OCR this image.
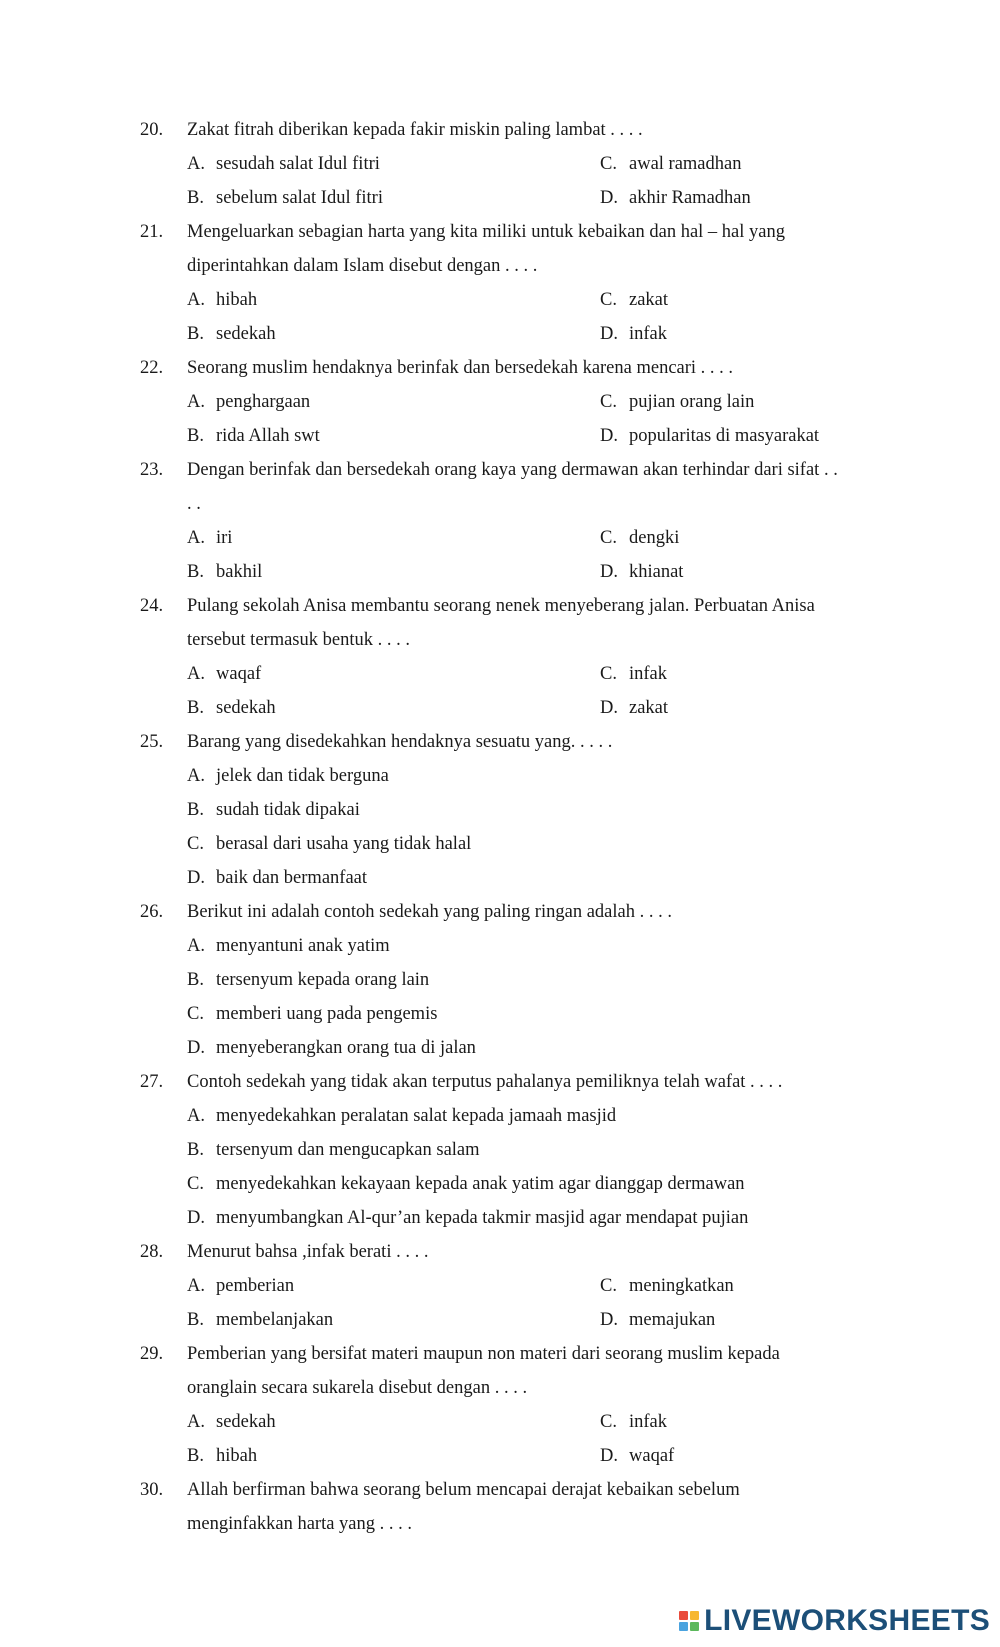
20. Zakat fitrah diberikan kepada fakir miskin paling lambat . . . .
A. sesudah salat Idul fitri	C. awal ramadhan
B. sebelum salat Idul fitri	D. akhir Ramadhan
21. Mengeluarkan sebagian harta yang kita miliki untuk kebaikan dan hal – hal yang
diperintahkan dalam Islam disebut dengan . . . .
A. hibah	C. zakat
B. sedekah	D. infak
22. Seorang muslim hendaknya berinfak dan bersedekah karena mencari . . . .
A. penghargaan	C. pujian orang lain
B. rida Allah swt	D. popularitas di masyarakat
23. Dengan berinfak dan bersedekah orang kaya yang dermawan akan terhindar dari sifat . .
. .
A. iri	C. dengki
B. bakhil	D. khianat
24. Pulang sekolah Anisa membantu seorang nenek menyeberang jalan. Perbuatan Anisa
tersebut termasuk bentuk . . . .
A. waqaf	C. infak
B. sedekah	D. zakat
25. Barang yang disedekahkan hendaknya sesuatu yang. . . . .
A. jelek dan tidak berguna
B. sudah tidak dipakai
C. berasal dari usaha yang tidak halal
D. baik dan bermanfaat
26. Berikut ini adalah contoh sedekah yang paling ringan adalah . . . .
A. menyantuni anak yatim
B. tersenyum kepada orang lain
C. memberi uang pada pengemis
D. menyeberangkan orang tua di jalan
27. Contoh sedekah yang tidak akan terputus pahalanya pemiliknya telah wafat . . . .
A. menyedekahkan peralatan salat kepada jamaah masjid
B. tersenyum dan mengucapkan salam
C. menyedekahkan kekayaan kepada anak yatim agar dianggap dermawan
D. menyumbangkan Al-qur’an kepada takmir masjid agar mendapat pujian
28. Menurut bahsa ,infak berati . . . .
A. pemberian	C. meningkatkan
B. membelanjakan	D. memajukan
29. Pemberian yang bersifat materi maupun non materi dari seorang muslim kepada
oranglain secara sukarela disebut dengan . . . .
A. sedekah	C. infak
B. hibah	D. waqaf
30. Allah berfirman bahwa seorang belum mencapai derajat kebaikan sebelum
menginfakkan harta yang . . . .
LIVEWORKSHEETS
